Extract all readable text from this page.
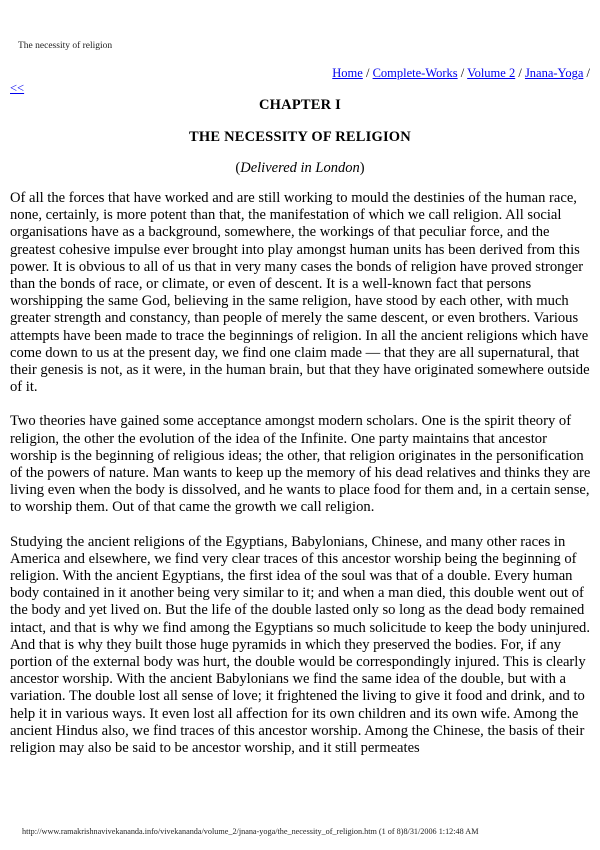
The necessity of religion
Home / Complete-Works / Volume 2 / Jnana-Yoga /
<<
CHAPTER I
THE NECESSITY OF RELIGION
(Delivered in London)

Of all the forces that have worked and are still working to mould the destinies of the human race, none, certainly, is more potent than that, the manifestation of which we call religion. All social organisations have as a background, somewhere, the workings of that peculiar force, and the greatest cohesive impulse ever brought into play amongst human units has been derived from this power. It is obvious to all of us that in very many cases the bonds of religion have proved stronger than the bonds of race, or climate, or even of descent. It is a well-known fact that persons worshipping the same God, believing in the same religion, have stood by each other, with much greater strength and constancy, than people of merely the same descent, or even brothers. Various attempts have been made to trace the beginnings of religion. In all the ancient religions which have come down to us at the present day, we find one claim made — that they are all supernatural, that their genesis is not, as it were, in the human brain, but that they have originated somewhere outside of it.

Two theories have gained some acceptance amongst modern scholars. One is the spirit theory of religion, the other the evolution of the idea of the Infinite. One party maintains that ancestor worship is the beginning of religious ideas; the other, that religion originates in the personification of the powers of nature. Man wants to keep up the memory of his dead relatives and thinks they are living even when the body is dissolved, and he wants to place food for them and, in a certain sense, to worship them. Out of that came the growth we call religion.

Studying the ancient religions of the Egyptians, Babylonians, Chinese, and many other races in America and elsewhere, we find very clear traces of this ancestor worship being the beginning of religion. With the ancient Egyptians, the first idea of the soul was that of a double. Every human body contained in it another being very similar to it; and when a man died, this double went out of the body and yet lived on. But the life of the double lasted only so long as the dead body remained intact, and that is why we find among the Egyptians so much solicitude to keep the body uninjured. And that is why they built those huge pyramids in which they preserved the bodies. For, if any portion of the external body was hurt, the double would be correspondingly injured. This is clearly ancestor worship. With the ancient Babylonians we find the same idea of the double, but with a variation. The double lost all sense of love; it frightened the living to give it food and drink, and to help it in various ways. It even lost all affection for its own children and its own wife. Among the ancient Hindus also, we find traces of this ancestor worship. Among the Chinese, the basis of their religion may also be said to be ancestor worship, and it still permeates

http://www.ramakrishnavivekananda.info/vivekananda/volume_2/jnana-yoga/the_necessity_of_religion.htm (1 of 8)8/31/2006 1:12:48 AM
